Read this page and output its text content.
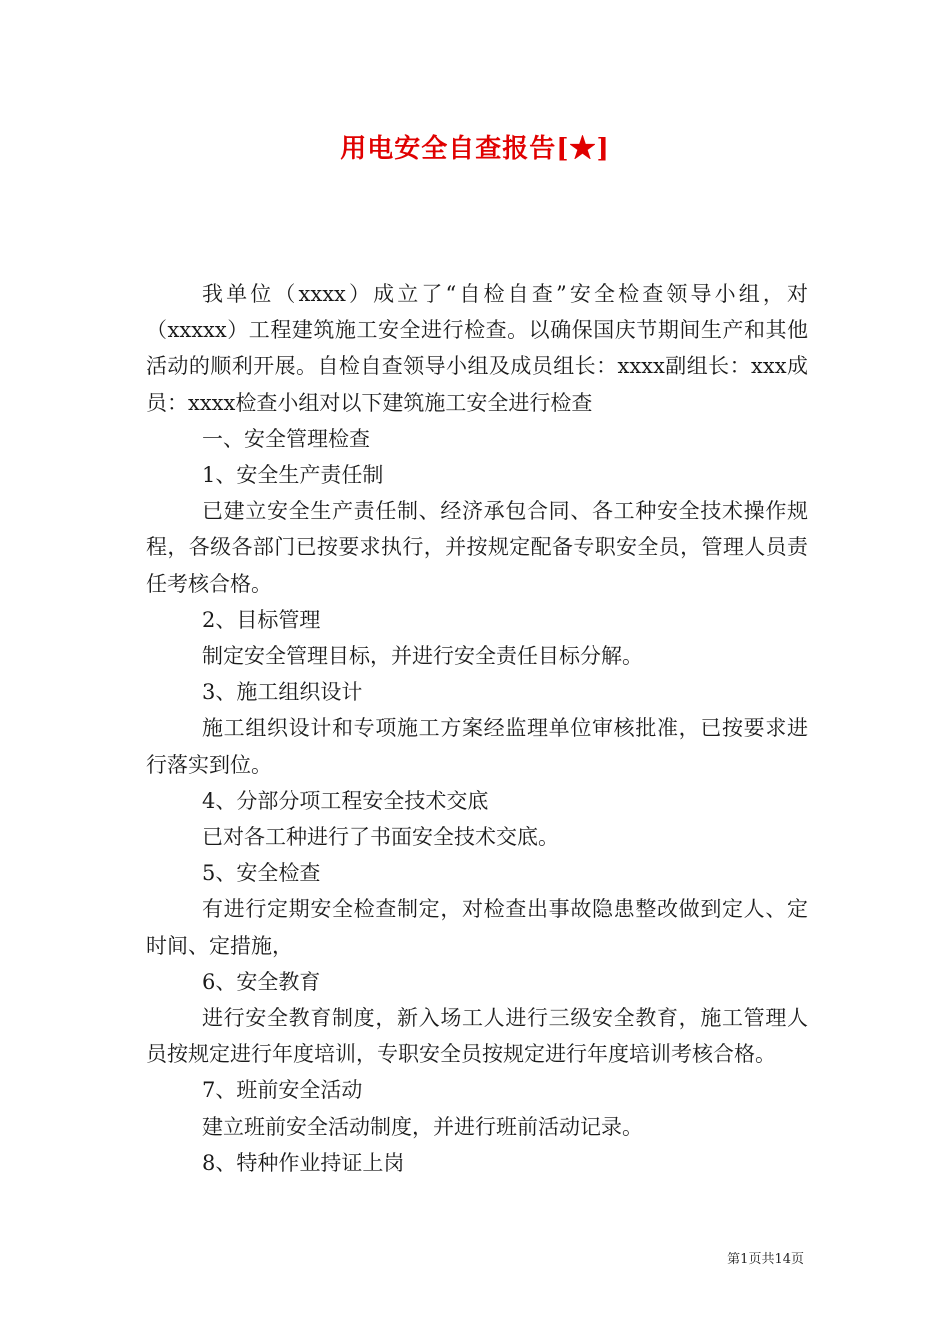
用电安全自查报告[★]

我单位（xxxx）成立了“自检自查”安全检查领导小组，对（xxxxx）工程建筑施工安全进行检查。以确保国庆节期间生产和其他活动的顺利开展。自检自查领导小组及成员组长：xxxx副组长：xxx成员：xxxx检查小组对以下建筑施工安全进行检查

一、安全管理检查

1、安全生产责任制

已建立安全生产责任制、经济承包合同、各工种安全技术操作规程，各级各部门已按要求执行，并按规定配备专职安全员，管理人员责任考核合格。

2、目标管理

制定安全管理目标，并进行安全责任目标分解。

3、施工组织设计

施工组织设计和专项施工方案经监理单位审核批准，已按要求进行落实到位。

4、分部分项工程安全技术交底

已对各工种进行了书面安全技术交底。

5、安全检查

有进行定期安全检查制定，对检查出事故隐患整改做到定人、定时间、定措施，

6、安全教育

进行安全教育制度，新入场工人进行三级安全教育，施工管理人员按规定进行年度培训，专职安全员按规定进行年度培训考核合格。

7、班前安全活动

建立班前安全活动制度，并进行班前活动记录。

8、特种作业持证上岗

第1页共14页
